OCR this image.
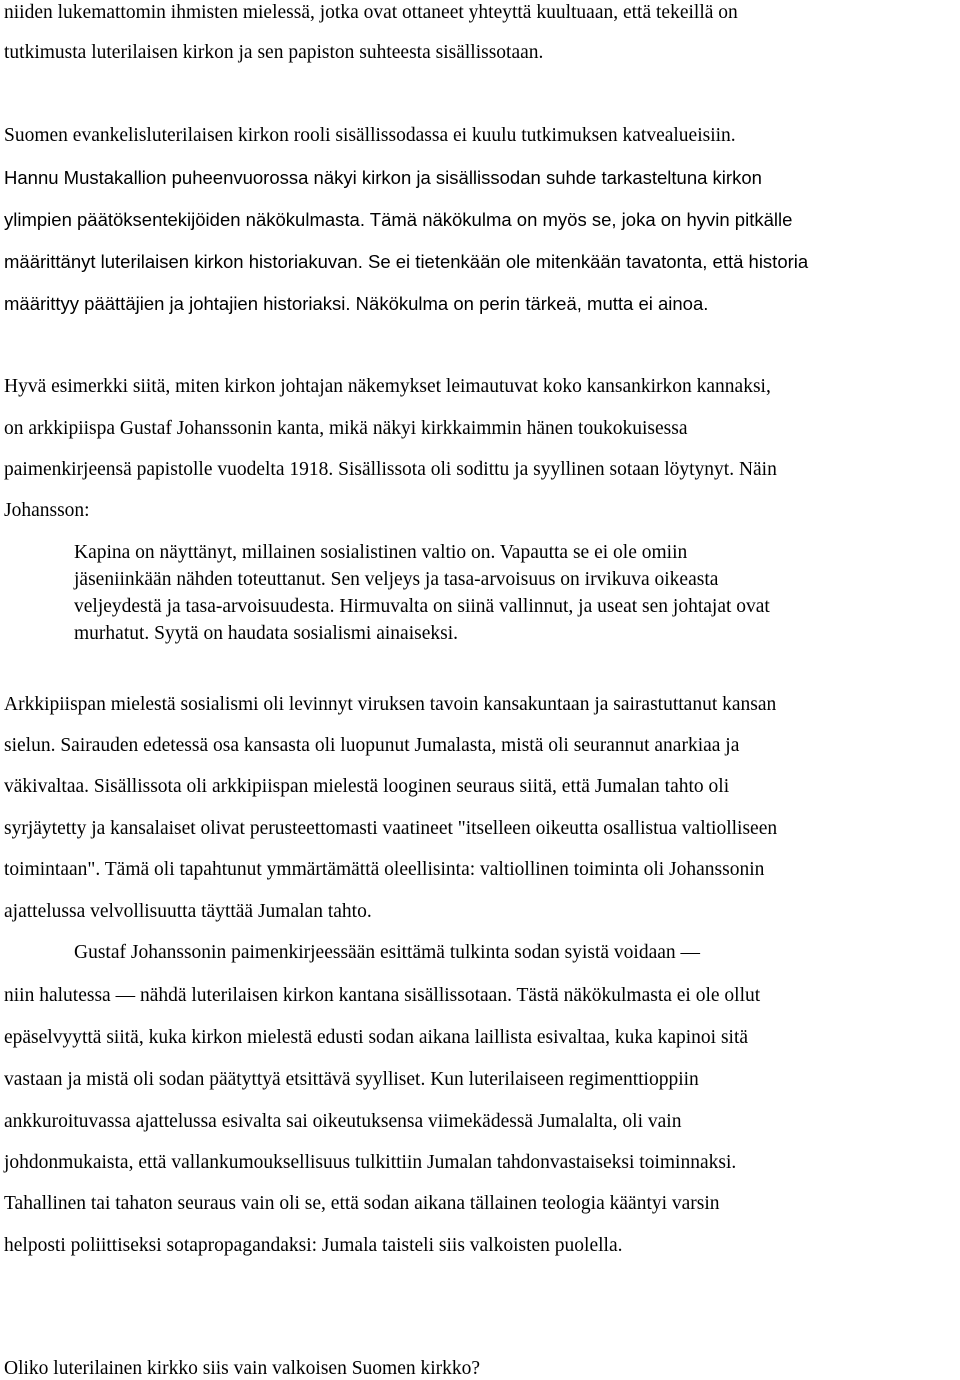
niiden lukemattomin ihmisten mielessä, jotka ovat ottaneet yhteyttä kuultuaan, että tekeillä on
tutkimusta luterilaisen kirkon ja sen papiston suhteesta sisällissotaan.
Suomen evankelisluterilaisen kirkon rooli sisällissodassa ei kuulu tutkimuksen katvealueisiin.
Hannu Mustakallion puheenvuorossa näkyi kirkon ja sisällissodan suhde tarkasteltuna kirkon
ylimpien päätöksentekijöiden näkökulmasta. Tämä näkökulma on myös se, joka on hyvin pitkälle
määrittänyt luterilaisen kirkon historiakuvan. Se ei tietenkään ole mitenkään tavatonta, että historia
määrittyy päättäjien ja johtajien historiaksi. Näkökulma on perin tärkeä, mutta ei ainoa.
Hyvä esimerkki siitä, miten kirkon johtajan näkemykset leimautuvat koko kansankirkon kannaksi,
on arkkipiispa Gustaf Johanssonin kanta, mikä näkyi kirkkaimmin hänen toukokuisessa
paimenkirjeensä papistolle vuodelta 1918. Sisällissota oli sodittu ja syyllinen sotaan löytynyt. Näin
Johansson:
Kapina on näyttänyt, millainen sosialistinen valtio on. Vapautta se ei ole omiin
jäseniinkään nähden toteuttanut. Sen veljeys ja tasa-arvoisuus on irvikuva oikeasta
veljeydestä ja tasa-arvoisuudesta. Hirmuvalta on siinä vallinnut, ja useat sen johtajat ovat
murhatut. Syytä on haudata sosialismi ainaiseksi.
Arkkipiispan mielestä sosialismi oli levinnyt viruksen tavoin kansakuntaan ja sairastuttanut kansan
sielun. Sairauden edetessä osa kansasta oli luopunut Jumalasta, mistä oli seurannut anarkiaa ja
väkivaltaa. Sisällissota oli arkkipiispan mielestä looginen seuraus siitä, että Jumalan tahto oli
syrjäytetty ja kansalaiset olivat perusteettomasti vaatineet "itselleen oikeutta osallistua valtiolliseen
toimintaan". Tämä oli tapahtunut ymmärtämättä oleellisinta: valtiollinen toiminta oli Johanssonin
ajattelussa velvollisuutta täyttää Jumalan tahto.
Gustaf Johanssonin paimenkirjeessään esittämä tulkinta sodan syistä voidaan —
niin halutessa — nähdä luterilaisen kirkon kantana sisällissotaan. Tästä näkökulmasta ei ole ollut
epäselvyyttä siitä, kuka kirkon mielestä edusti sodan aikana laillista esivaltaa, kuka kapinoi sitä
vastaan ja mistä oli sodan päätyttyä etsittävä syylliset. Kun luterilaiseen regimenttioppiin
ankkuroituvassa ajattelussa esivalta sai oikeutuksensa viimekädessä Jumalalta, oli vain
johdonmukaista, että vallankumouksellisuus tulkittiin Jumalan tahdonvastaiseksi toiminnaksi.
Tahallinen tai tahaton seuraus vain oli se, että sodan aikana tällainen teologia kääntyi varsin
helposti poliittiseksi sotapropagandaksi: Jumala taisteli siis valkoisten puolella.
Oliko luterilainen kirkko siis vain valkoisen Suomen kirkko?
